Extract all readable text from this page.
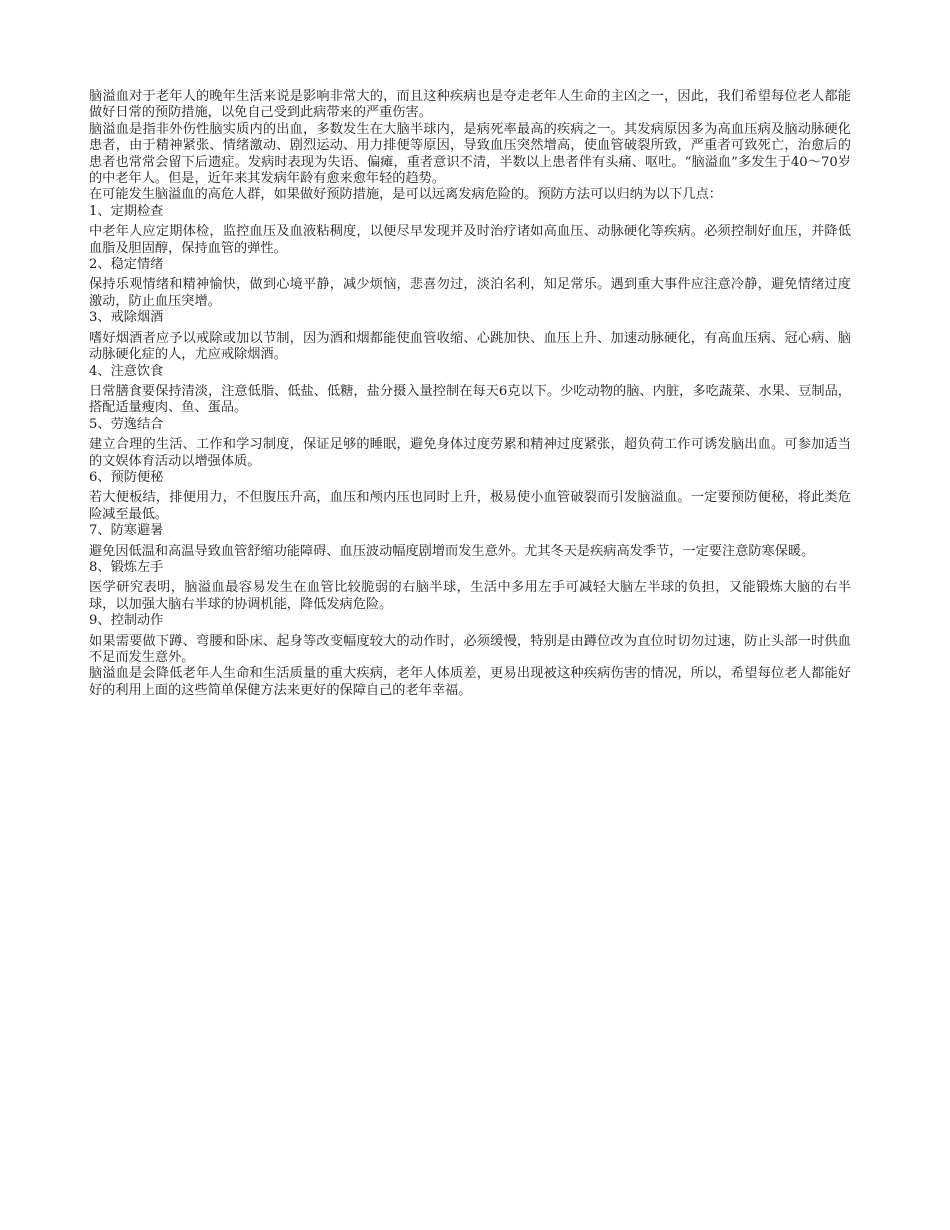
脑溢血对于老年人的晚年生活来说是影响非常大的，而且这种疾病也是夺走老年人生命的主凶之一，因此，我们希望每位老人都能做好日常的预防措施，以免自己受到此病带来的严重伤害。

脑溢血是指非外伤性脑实质内的出血，多数发生在大脑半球内，是病死率最高的疾病之一。其发病原因多为高血压病及脑动脉硬化患者，由于精神紧张、情绪激动、剧烈运动、用力排便等原因，导致血压突然增高，使血管破裂所致，严重者可致死亡，治愈后的患者也常常会留下后遗症。发病时表现为失语、偏瘫，重者意识不清，半数以上患者伴有头痛、呕吐。“脑溢血”多发生于40～70岁的中老年人。但是，近年来其发病年龄有愈来愈年轻的趋势。

在可能发生脑溢血的高危人群，如果做好预防措施，是可以远离发病危险的。预防方法可以归纳为以下几点：

1、定期检查

中老年人应定期体检，监控血压及血液粘稠度，以便尽早发现并及时治疗诸如高血压、动脉硬化等疾病。必须控制好血压，并降低血脂及胆固醇，保持血管的弹性。

2、稳定情绪

保持乐观情绪和精神愉快，做到心境平静，减少烦恼，悲喜勿过，淡泊名利，知足常乐。遇到重大事件应注意冷静，避免情绪过度激动，防止血压突增。

3、戒除烟酒

嗜好烟酒者应予以戒除或加以节制，因为酒和烟都能使血管收缩、心跳加快、血压上升、加速动脉硬化，有高血压病、冠心病、脑动脉硬化症的人，尤应戒除烟酒。

4、注意饮食

日常膳食要保持清淡，注意低脂、低盐、低糖，盐分摄入量控制在每天6克以下。少吃动物的脑、内脏，多吃蔬菜、水果、豆制品，搭配适量瘦肉、鱼、蛋品。

5、劳逸结合

建立合理的生活、工作和学习制度，保证足够的睡眠，避免身体过度劳累和精神过度紧张，超负荷工作可诱发脑出血。可参加适当的文娱体育活动以增强体质。

6、预防便秘

若大便板结，排便用力，不但腹压升高，血压和颅内压也同时上升，极易使小血管破裂而引发脑溢血。一定要预防便秘，将此类危险减至最低。

7、防寒避暑

避免因低温和高温导致血管舒缩功能障碍、血压波动幅度剧增而发生意外。尤其冬天是疾病高发季节，一定要注意防寒保暖。

8、锻炼左手

医学研究表明，脑溢血最容易发生在血管比较脆弱的右脑半球，生活中多用左手可减轻大脑左半球的负担，又能锻炼大脑的右半球，以加强大脑右半球的协调机能，降低发病危险。

9、控制动作

如果需要做下蹲、弯腰和卧床、起身等改变幅度较大的动作时，必须缓慢，特别是由蹲位改为直位时切勿过速，防止头部一时供血不足而发生意外。

脑溢血是会降低老年人生命和生活质量的重大疾病，老年人体质差，更易出现被这种疾病伤害的情况，所以，希望每位老人都能好好的利用上面的这些简单保健方法来更好的保障自己的老年幸福。
